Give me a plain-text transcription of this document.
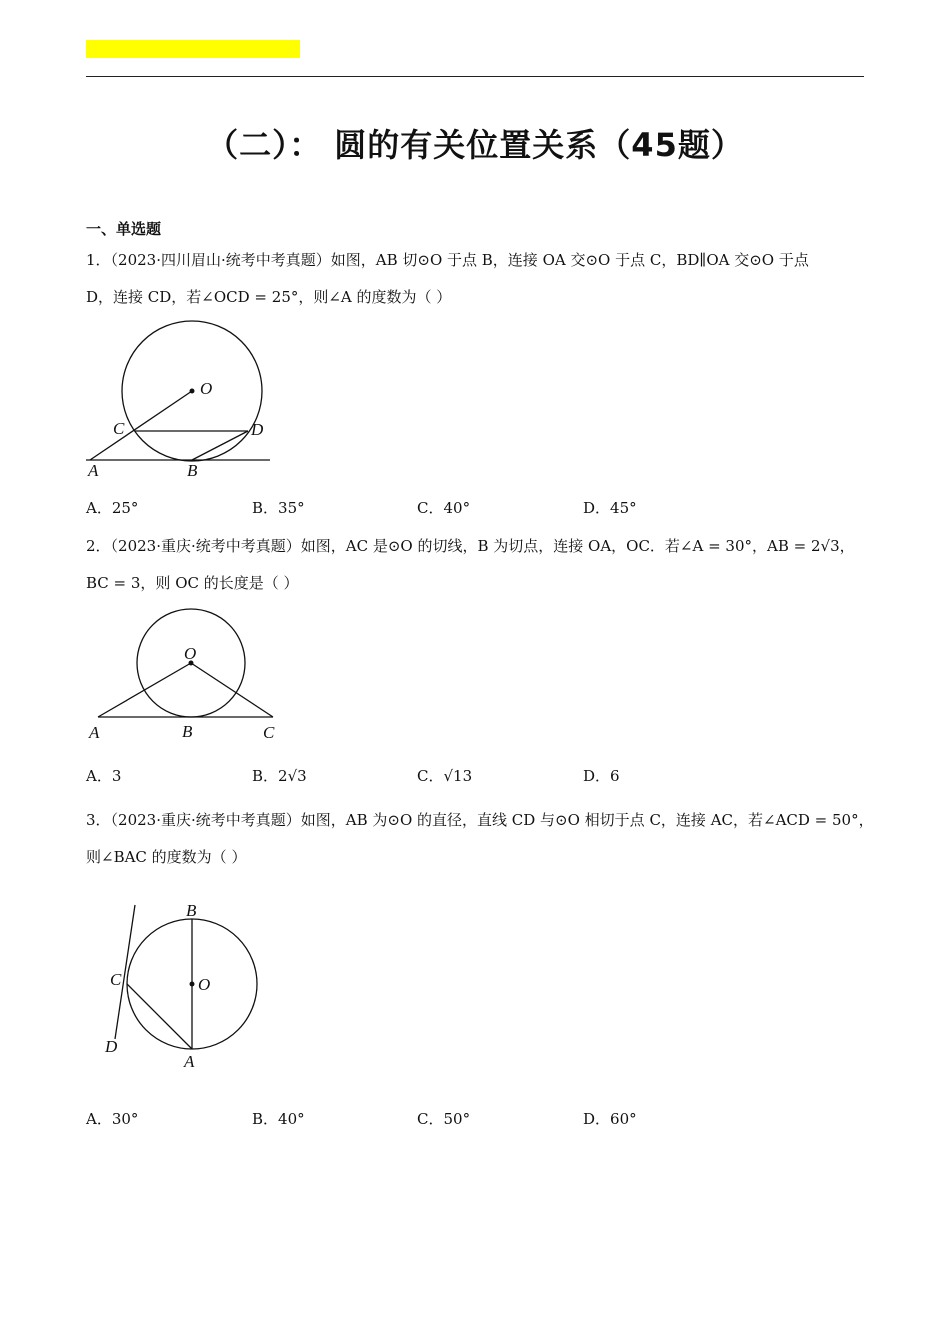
（二）： 圆的有关位置关系（45题）
一、单选题
1．（2023·四川眉山·统考中考真题）如图，AB 切⊙O 于点 B，连接 OA 交⊙O 于点 C，BD∥OA 交⊙O 于点
D，连接 CD，若∠OCD = 25°，则∠A 的度数为（ ）
O
C	D
A	B
A．25°	B．35°	C．40°	D．45°
2．（2023·重庆·统考中考真题）如图，AC 是⊙O 的切线，B 为切点，连接 OA，OC．若∠A = 30°，AB = 2√3，
BC = 3，则 OC 的长度是（ ）
O
A	B	C
A．3	B．2√3	C．√13	D．6
3．（2023·重庆·统考中考真题）如图，AB 为⊙O 的直径，直线 CD 与⊙O 相切于点 C，连接 AC，若∠ACD = 50°，
则∠BAC 的度数为（ ）
B
C	O
D
A
A．30°	B．40°	C．50°	D．60°
